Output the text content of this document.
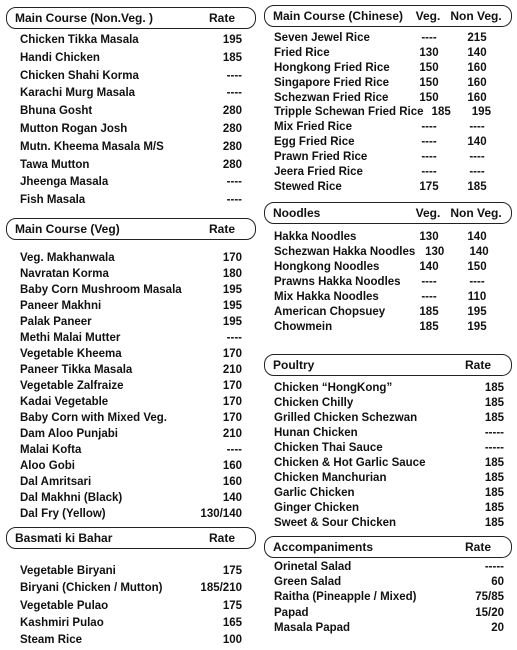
Main Course (Non.Veg. )	Rate
Chicken Tikka Masala	195
Handi Chicken	185
Chicken Shahi Korma	----
Karachi Murg Masala	----
Bhuna Gosht	280
Mutton Rogan Josh	280
Mutn. Kheema Masala M/S	280
Tawa Mutton	280
Jheenga Masala	----
Fish Masala	----
Main Course (Veg)	Rate
Veg. Makhanwala	170
Navratan Korma	180
Baby Corn Mushroom Masala	195
Paneer Makhni	195
Palak Paneer	195
Methi Malai Mutter	----
Vegetable Kheema	170
Paneer Tikka Masala	210
Vegetable Zalfraize	170
Kadai Vegetable	170
Baby Corn with Mixed Veg.	170
Dam Aloo Punjabi	210
Malai Kofta	----
Aloo Gobi	160
Dal Amritsari	160
Dal Makhni (Black)	140
Dal Fry (Yellow)	130/140
Basmati ki Bahar	Rate
Vegetable Biryani	175
Biryani (Chicken / Mutton)	185/210
Vegetable Pulao	175
Kashmiri Pulao	165
Steam Rice	100
Main Course (Chinese)	Veg. Non Veg.
Seven Jewel Rice	----	215
Fried Rice	130	140
Hongkong Fried Rice	150	160
Singapore Fried Rice	150	160
Schezwan Fried Rice	150	160
Tripple Schewan Fried Rice 185	195
Mix Fried Rice	----	----
Egg Fried Rice	----	140
Prawn Fried Rice	----	----
Jeera Fried Rice	----	----
Stewed Rice	175	185
Noodles	Veg. Non Veg.
Hakka Noodles	130	140
Schezwan Hakka Noodles 130	140
Hongkong Noodles	140	150
Prawns Hakka Noodles	----	----
Mix Hakka Noodles	----	110
American Chopsuey	185	195
Chowmein	185	195
Poultry	Rate
Chicken “HongKong”	185
Chicken Chilly	185
Grilled Chicken Schezwan	185
Hunan Chicken	-----
Chicken Thai Sauce	-----
Chicken & Hot Garlic Sauce	185
Chicken Manchurian	185
Garlic Chicken	185
Ginger Chicken	185
Sweet & Sour Chicken	185
Accompaniments	Rate
Orinetal Salad	-----
Green Salad	60
Raitha (Pineapple / Mixed)	75/85
Papad	15/20
Masala Papad	20
